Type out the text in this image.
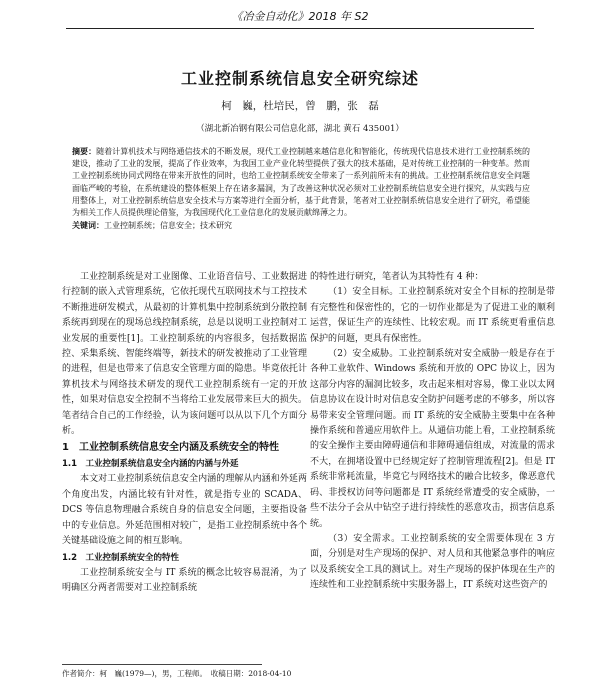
《冶金自动化》2018 年 S2
工业控制系统信息安全研究综述
柯　巍，杜培民，曾　鹏，张　磊
（湖北新冶钢有限公司信息化部，湖北 黄石 435001）
摘要：随着计算机技术与网络通信技术的不断发展，现代工业控制越来越信息化和智能化，传统现代信息技术进行工业控制系统的建设，推动了工业的发展，提高了作业效率，为我国工业产业化转型提供了强大的技术基础，是对传统工业控制的一种变革。然而工业控制系统协同式网络在带来开放性的同时，也给工业控制系统安全带来了一系列前所未有的挑战。工业控制系统信息安全问题面临严峻的考验，在系统建设的整体框架上存在诸多漏洞，为了改善这种状况必须对工业控制系统信息安全进行探究，从实践与应用整体上，对工业控制系统信息安全技术与方案等进行全面分析，基于此背景，笔者对工业控制系统信息安全进行了研究，希望能为相关工作人员提供理论借鉴，为我国现代化工业信息化的发展贡献绵薄之力。
关键词：工业控制系统；信息安全；技术研究

工业控制系统是对工业图像、工业语音信号、工业数据进行控制的嵌入式管理系统，它依托现代互联网技术与工控技术不断推进研发模式，从最初的计算机集中控制系统到分散控制系统再到现在的现场总线控制系统，总是以说明工业控制对工业发展的重要性[1]。工业控制系统的内容很多，包括数据监控、采集系统、智能终端等，新技术的研发被推动了工业管理的进程，但是也带来了信息安全管理方面的隐患。毕竟依托计算机技术与网络技术研发的现代工业控制系统有一定的开放性，如果对信息安全控制不当将给工业发展带来巨大的损失。笔者结合自己的工作经验，认为该问题可以从以下几个方面分析。

1　工业控制系统信息安全内涵及系统安全的特性
1.1　工业控制系统信息安全内涵的内涵与外延

本文对工业控制系统信息安全内涵的理解从内涵和外延两个角度出发，内涵比较有针对性，就是指专业的 SCADA、DCS 等信息物理融合系统自身的信息安全问题，主要指设备中的专业信息。外延范围相对较广，是指工业控制系统中各个关键基础设施之间的相互影响。

1.2　工业控制系统安全的特性

工业控制系统安全与 IT 系统的概念比较容易混淆，为了明确区分两者需要对工业控制系统

的特性进行研究，笔者认为其特性有 4 种：

（1）安全目标。工业控制系统对安全个目标的控制是带有完整性和保密性的，它的一切作业都是为了促进工业的顺利运营，保证生产的连续性、比较宏观。而 IT 系统更看重信息保护的问题，更具有保密性。

（2）安全威胁。工业控制系统对安全威胁一般是存在于各种工业软件、Windows 系统和开放的 OPC 协议上，因为这部分内容的漏洞比较多，攻击起来相对容易，像工业以太网信息协议在设计时对信息安全防护问题考虑的不够多，所以容易带来安全管理问题。而 IT 系统的安全威胁主要集中在各种操作系统和普通应用软件上。从通信功能上看，工业控制系统的安全操作主要由障碍通信和非障碍通信组成，对流量的需求不大，在拥堵设置中已经规定好了控制管理流程[2]。但是 IT 系统非常耗流量，毕竟它与网络技术的融合比较多，像恶意代码、非授权访问等问题都是 IT 系统经常遭受的安全威胁，一些不法分子会从中钻空子进行持续性的恶意攻击，损害信息系统。

（3）安全需求。工业控制系统的安全需要体现在 3 方面，分别是对生产现场的保护、对人员和其他紧急事件的响应以及系统安全工具的测试上。对生产现场的保护体现在生产的连续性和工业控制系统中实服务器上，IT 系统对这些资产的

作者简介：柯　巍(1979—)，男，工程师。　收稿日期：2018-04-10
